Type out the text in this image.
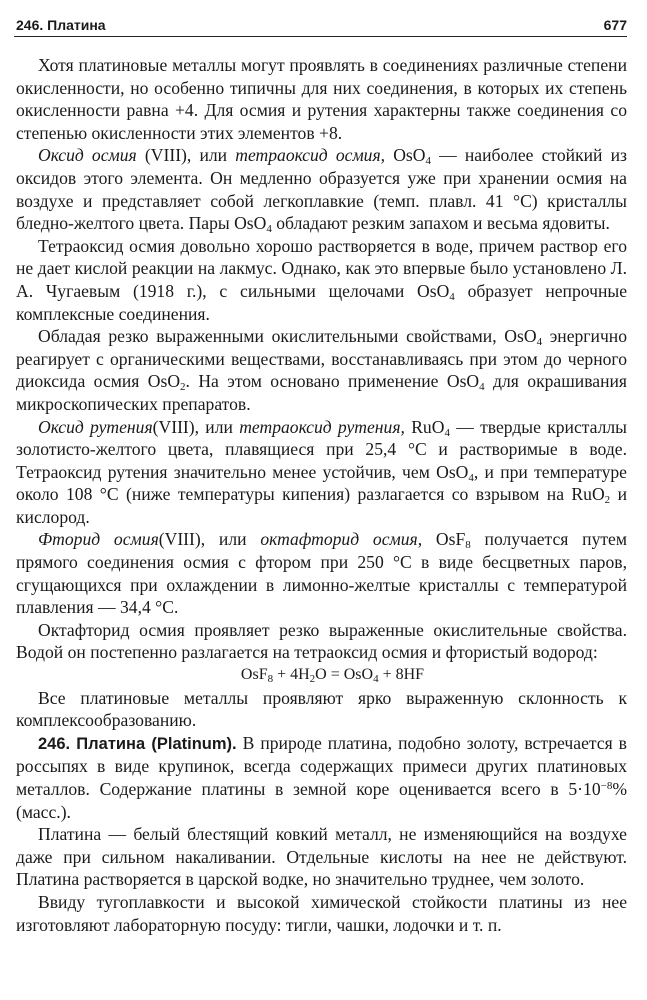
246. Платина	677

Хотя платиновые металлы могут проявлять в соединениях различные степени окисленности, но особенно типичны для них соединения, в которых их степень окисленности равна +4. Для осмия и рутения характерны также соединения со степенью окисленности этих элементов +8.

Оксид осмия (VIII), или тетраоксид осмия, OsO$_4$ — наиболее стойкий из оксидов этого элемента. Он медленно образуется уже при хранении осмия на воздухе и представляет собой легкоплавкие (темп. плавл. 41 °С) кристаллы бледно-желтого цвета. Пары OsO$_4$ обладают резким запахом и весьма ядовиты.

Тетраоксид осмия довольно хорошо растворяется в воде, причем раствор его не дает кислой реакции на лакмус. Однако, как это впервые было установлено Л. А. Чугаевым (1918 г.), с сильными щелочами OsO$_4$ образует непрочные комплексные соединения.

Обладая резко выраженными окислительными свойствами, OsO$_4$ энергично реагирует с органическими веществами, восстанавливаясь при этом до черного диоксида осмия OsO$_2$. На этом основано применение OsO$_4$ для окрашивания микроскопических препаратов.

Оксид рутения(VIII), или тетраоксид рутения, RuO$_4$ — твердые кристаллы золотисто-желтого цвета, плавящиеся при 25,4 °С и растворимые в воде. Тетраоксид рутения значительно менее устойчив, чем OsO$_4$, и при температуре около 108 °С (ниже температуры кипения) разлагается со взрывом на RuO$_2$ и кислород.

Фторид осмия(VIII), или октафторид осмия, OsF$_8$ получается путем прямого соединения осмия с фтором при 250 °С в виде бесцветных паров, сгущающихся при охлаждении в лимонно-желтые кристаллы с температурой плавления — 34,4 °С.

Октафторид осмия проявляет резко выраженные окислительные свойства. Водой он постепенно разлагается на тетраоксид осмия и фтористый водород:

$OsF_8 + 4H_2O = OsO_4 + 8HF$

Все платиновые металлы проявляют ярко выраженную склонность к комплексообразованию.

246. Платина (Platinum). В природе платина, подобно золоту, встречается в россыпях в виде крупинок, всегда содержащих примеси других платиновых металлов. Содержание платины в земной коре оценивается всего в $5\cdot 10^{-8}\%$ (масс.).

Платина — белый блестящий ковкий металл, не изменяющийся на воздухе даже при сильном накаливании. Отдельные кислоты на нее не действуют. Платина растворяется в царской водке, но значительно труднее, чем золото.

Ввиду тугоплавкости и высокой химической стойкости платины из нее изготовляют лабораторную посуду: тигли, чашки, лодочки и т. п.
